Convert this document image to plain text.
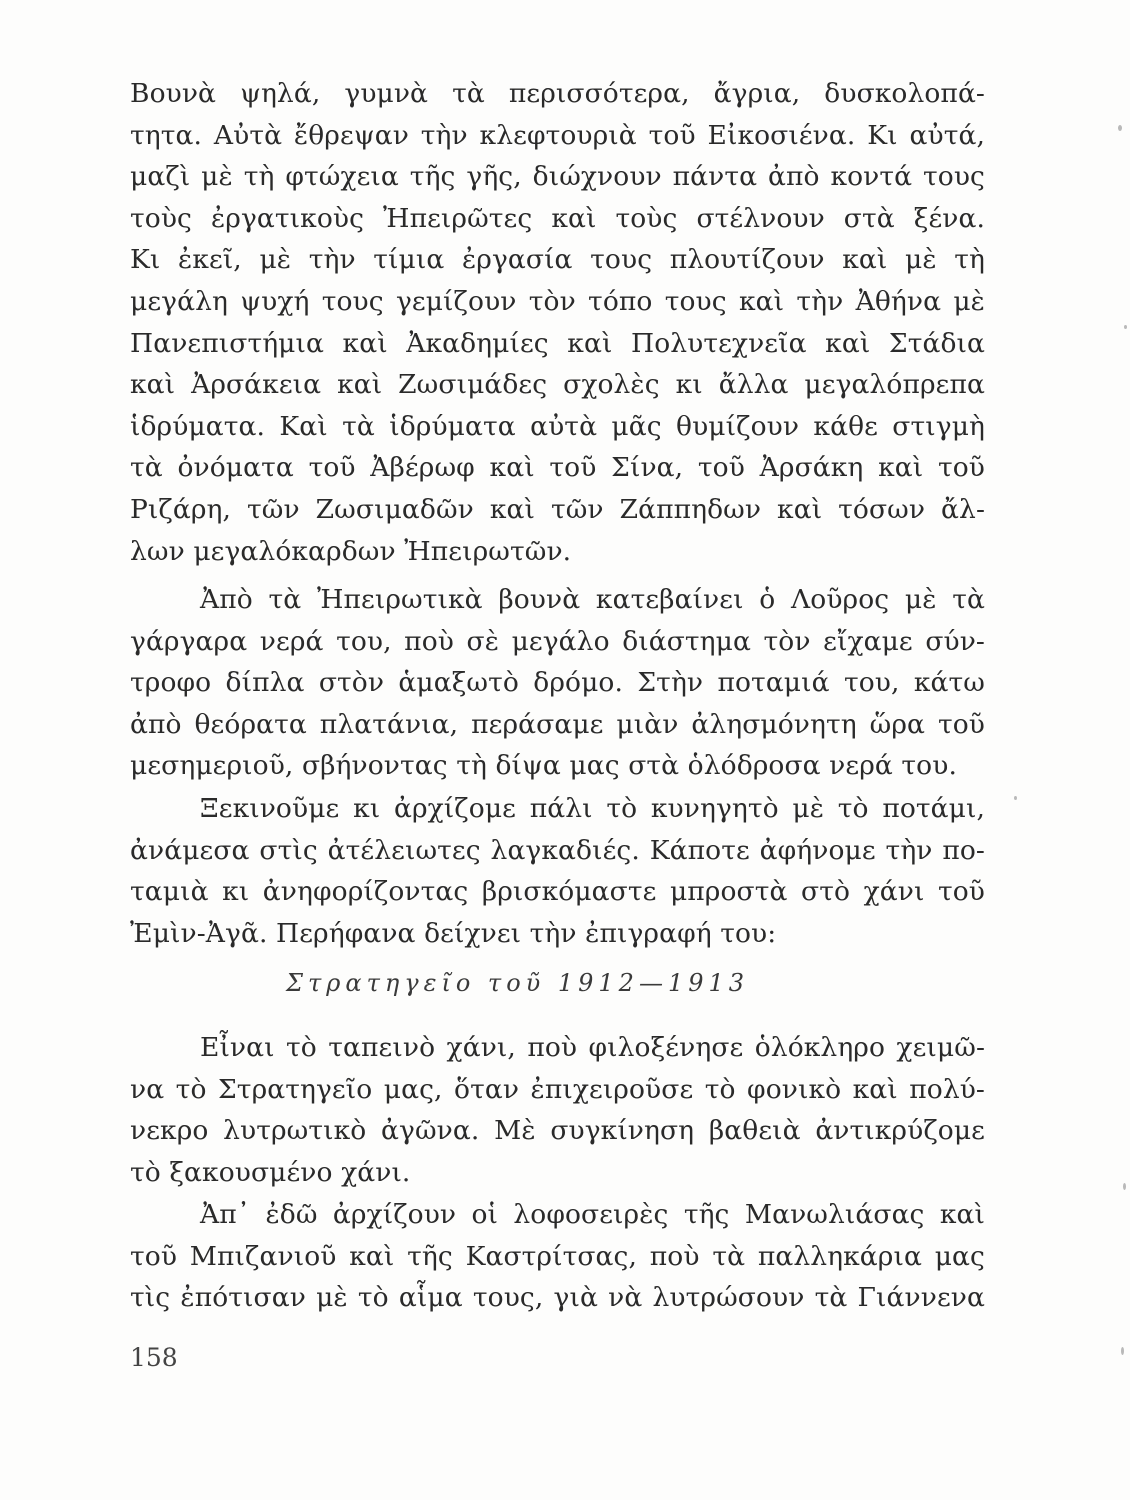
Βουνὰ ψηλά, γυμνὰ τὰ περισσότερα, ἄγρια, δυσκολοπά-
τητα. Αὐτὰ ἔθρεψαν τὴν κλεφτουριὰ τοῦ Εἰκοσιένα. Κι αὐτά,
μαζὶ μὲ τὴ φτώχεια τῆς γῆς, διώχνουν πάντα ἀπὸ κοντά τους
τοὺς ἐργατικοὺς Ἠπειρῶτες καὶ τοὺς στέλνουν στὰ ξένα.
Κι ἐκεῖ, μὲ τὴν τίμια ἐργασία τους πλουτίζουν καὶ μὲ τὴ
μεγάλη ψυχή τους γεμίζουν τὸν τόπο τους καὶ τὴν Ἀθήνα μὲ
Πανεπιστήμια καὶ Ἀκαδημίες καὶ Πολυτεχνεῖα καὶ Στάδια
καὶ Ἀρσάκεια καὶ Ζωσιμάδες σχολὲς κι ἄλλα μεγαλόπρεπα
ἱδρύματα. Καὶ τὰ ἱδρύματα αὐτὰ μᾶς θυμίζουν κάθε στιγμὴ
τὰ ὀνόματα τοῦ Ἀβέρωφ καὶ τοῦ Σίνα, τοῦ Ἀρσάκη καὶ τοῦ
Ριζάρη, τῶν Ζωσιμαδῶν καὶ τῶν Ζάππηδων καὶ τόσων ἄλ-
λων μεγαλόκαρδων Ἠπειρωτῶν.
Ἀπὸ τὰ Ἠπειρωτικὰ βουνὰ κατεβαίνει ὁ Λοῦρος μὲ τὰ
γάργαρα νερά του, ποὺ σὲ μεγάλο διάστημα τὸν εἴχαμε σύν-
τροφο δίπλα στὸν ἁμαξωτὸ δρόμο. Στὴν ποταμιά του, κάτω
ἀπὸ θεόρατα πλατάνια, περάσαμε μιὰν ἀλησμόνητη ὥρα τοῦ
μεσημεριοῦ, σβήνοντας τὴ δίψα μας στὰ ὁλόδροσα νερά του.
Ξεκινοῦμε κι ἀρχίζομε πάλι τὸ κυνηγητὸ μὲ τὸ ποτάμι,
ἀνάμεσα στὶς ἀτέλειωτες λαγκαδιές. Κάποτε ἀφήνομε τὴν πο-
ταμιὰ κι ἀνηφορίζοντας βρισκόμαστε μπροστὰ στὸ χάνι τοῦ
Ἐμὶν-Ἀγᾶ. Περήφανα δείχνει τὴν ἐπιγραφή του:
Στρατηγεῖο τοῦ 1912—1913
Εἶναι τὸ ταπεινὸ χάνι, ποὺ φιλοξένησε ὁλόκληρο χειμῶ-
να τὸ Στρατηγεῖο μας, ὅταν ἐπιχειροῦσε τὸ φονικὸ καὶ πολύ-
νεκρο λυτρωτικὸ ἀγῶνα. Μὲ συγκίνηση βαθειὰ ἀντικρύζομε
τὸ ξακουσμένο χάνι.
Ἀπ᾿ ἐδῶ ἀρχίζουν οἱ λοφοσειρὲς τῆς Μανωλιάσας καὶ
τοῦ Μπιζανιοῦ καὶ τῆς Καστρίτσας, ποὺ τὰ παλληκάρια μας
τὶς ἐπότισαν μὲ τὸ αἷμα τους, γιὰ νὰ λυτρώσουν τὰ Γιάννενα
158
